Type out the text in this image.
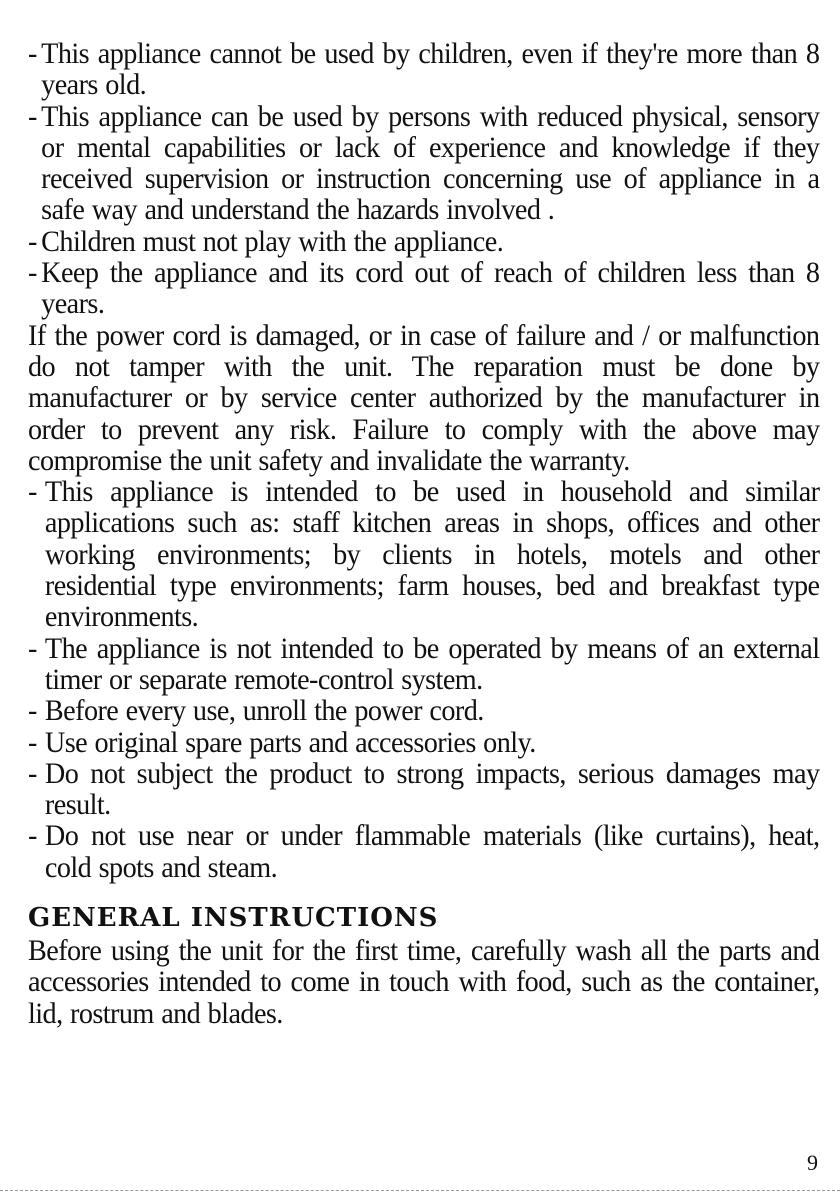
- This appliance cannot be used by children, even if they're more than 8 years old.
- This appliance can be used by persons with reduced physical, sensory or mental capabilities or lack of experience and knowledge if they received supervision or instruction concerning use of appliance in a safe way and understand the hazards involved .
- Children must not play with the appliance.
- Keep the appliance and its cord out of reach of children less than 8 years.
If the power cord is damaged, or in case of failure and / or malfunction do not tamper with the unit. The reparation must be done by manufacturer or by service center authorized by the manufacturer in order to prevent any risk. Failure to comply with the above may compromise the unit safety and invalidate the warranty.
- This appliance is intended to be used in household and similar applications such as: staff kitchen areas in shops, offices and other working environments; by clients in hotels, motels and other residential type environments; farm houses, bed and breakfast type environments.
- The appliance is not intended to be operated by means of an external timer or separate remote-control system.
- Before every use, unroll the power cord.
- Use original spare parts and accessories only.
- Do not subject the product to strong impacts, serious damages may result.
- Do not use near or under flammable materials (like curtains), heat, cold spots and steam.
GENERAL INSTRUCTIONS
Before using the unit for the first time, carefully wash all the parts and accessories intended to come in touch with food, such as the container, lid, rostrum and blades.
9
